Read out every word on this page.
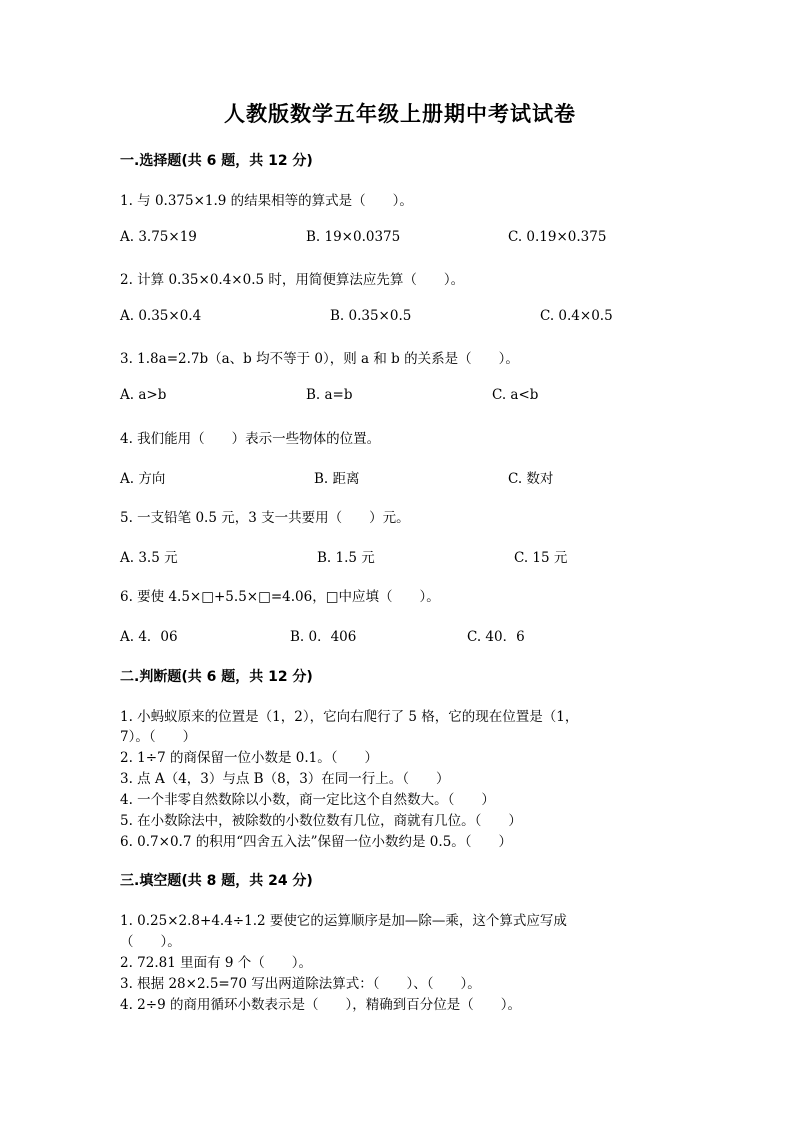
人教版数学五年级上册期中考试试卷
一.选择题(共 6 题，共 12 分)
1. 与 0.375×1.9 的结果相等的算式是（　　）。
A. 3.75×19	B. 19×0.0375	C. 0.19×0.375
2. 计算 0.35×0.4×0.5 时，用简便算法应先算（　　）。
A. 0.35×0.4	B. 0.35×0.5	C. 0.4×0.5
3. 1.8a=2.7b（a、b 均不等于 0），则 a 和 b 的关系是（　　）。
A. a>b	B. a=b	C. a<b
4. 我们能用（　　）表示一些物体的位置。
A. 方向	B. 距离	C. 数对
5. 一支铅笔 0.5 元，3 支一共要用（　　）元。
A. 3.5 元	B. 1.5 元	C. 15 元
6. 要使 4.5×□+5.5×□=4.06，□中应填（　　）。
A. 4．06	B. 0．406	C. 40．6
二.判断题(共 6 题，共 12 分)
1. 小蚂蚁原来的位置是（1，2），它向右爬行了 5 格，它的现在位置是（1，
7）。（　　）
2. 1÷7 的商保留一位小数是 0.1。（　　）
3. 点 A（4，3）与点 B（8，3）在同一行上。（　　）
4. 一个非零自然数除以小数，商一定比这个自然数大。（　　）
5. 在小数除法中，被除数的小数位数有几位，商就有几位。（　　）
6. 0.7×0.7 的积用“四舍五入法”保留一位小数约是 0.5。（　　）
三.填空题(共 8 题，共 24 分)
1. 0.25×2.8+4.4÷1.2 要使它的运算顺序是加—除—乘，这个算式应写成
（　　）。
2. 72.81 里面有 9 个（　　）。
3. 根据 28×2.5=70 写出两道除法算式：（　　）、（　　）。
4. 2÷9 的商用循环小数表示是（　　），精确到百分位是（　　）。
